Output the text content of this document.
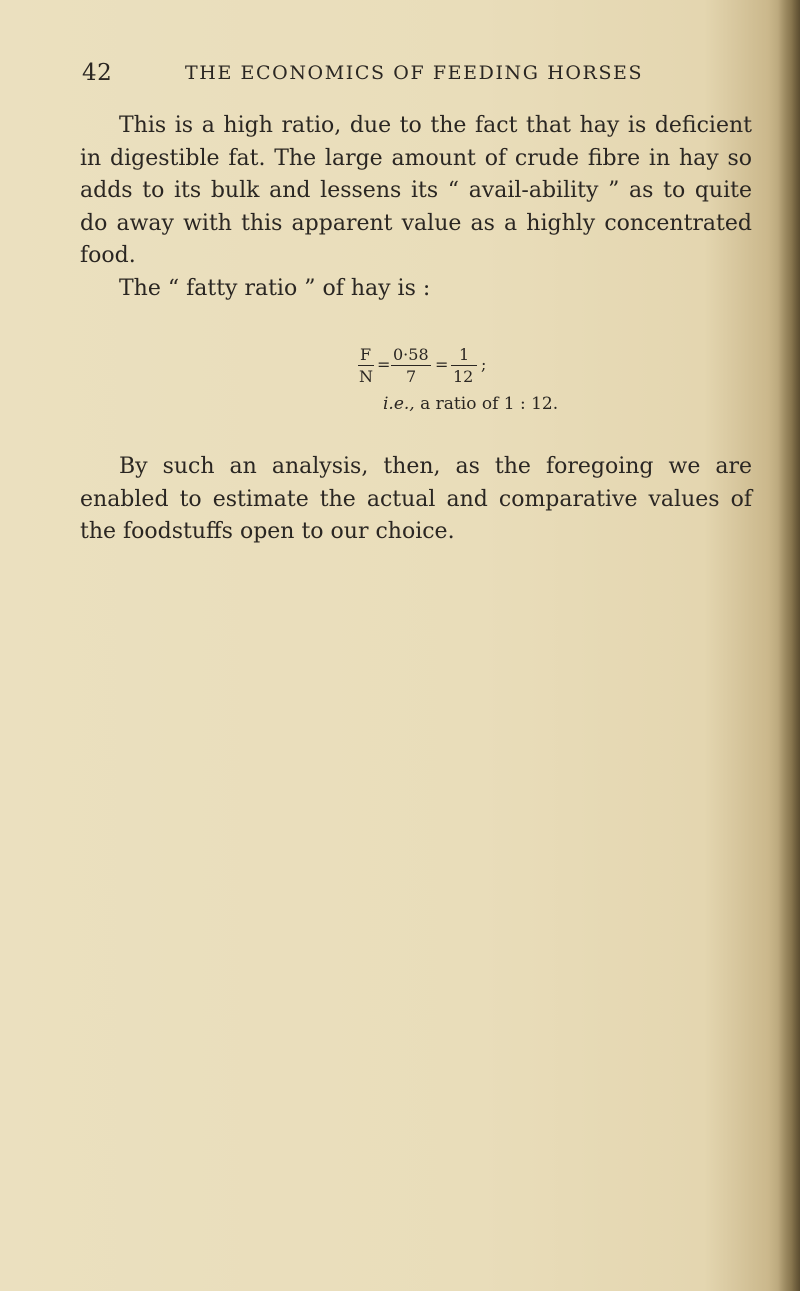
42	THE ECONOMICS OF FEEDING HORSES

This is a high ratio, due to the fact that hay is deficient in digestible fat. The large amount of crude fibre in hay so adds to its bulk and lessens its “ avail-ability ” as to quite do away with this apparent value as a highly concentrated food.

The “ fatty ratio ” of hay is :

F
N
=
0·58
7
=
1
12
;
i.e., a ratio of 1 : 12.

By such an analysis, then, as the foregoing we are enabled to estimate the actual and comparative values of the foodstuffs open to our choice.
